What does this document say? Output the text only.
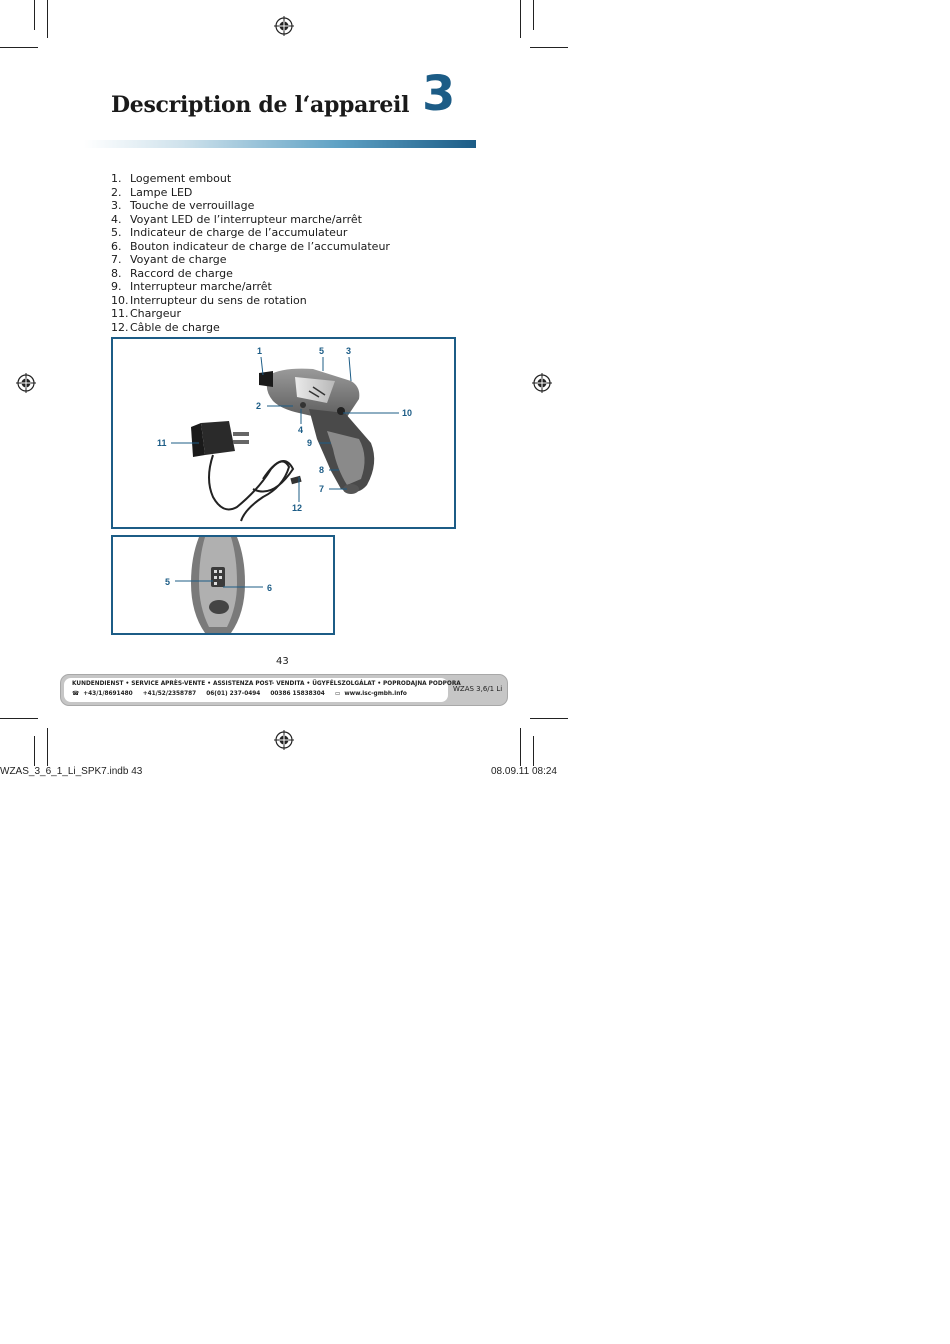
Description de l‘appareil 3
1. Logement embout
2. Lampe LED
3. Touche de verrouillage
4. Voyant LED de l’interrupteur marche/arrêt
5. Indicateur de charge de l’accumulateur
6. Bouton indicateur de charge de l’accumulateur
7. Voyant de charge
8. Raccord de charge
9. Interrupteur marche/arrêt
10. Interrupteur du sens de rotation
11. Chargeur
12. Câble de charge
1	5 3
2
4
9
10
11
8
7
12
5
6
43
KUNDENDIENST • SERVICE APRÈS-VENTE • ASSISTENZA POST- VENDITA • ÜGYFÉLSZOLGÁLAT • POPRODAJNA PODPORA
☎ +43/1/8691480 +41/52/2358787 06(01) 237-0494 00386 15838304 ▭ www.isc-gmbh.info
WZAS 3,6/1 Li
WZAS_3_6_1_Li_SPK7.indb 43	08.09.11 08:24
